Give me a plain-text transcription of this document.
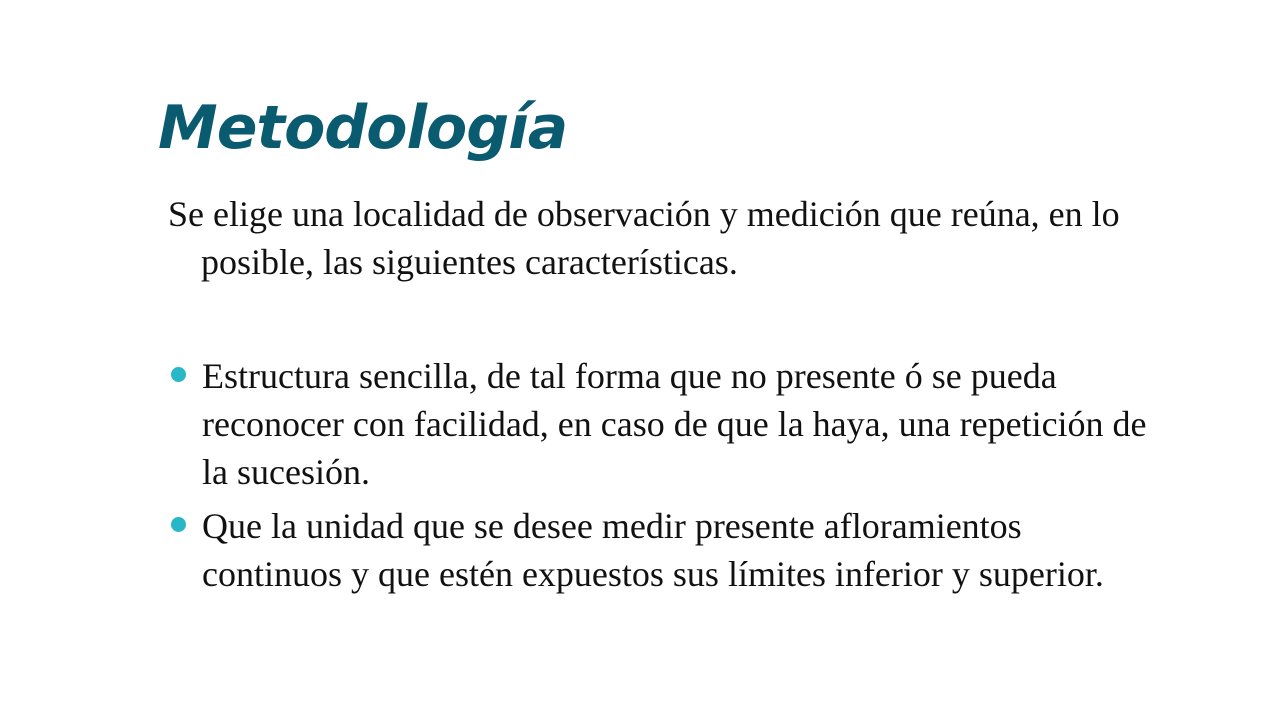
Metodología

Se elige una localidad de observación y medición que reúna, en lo posible, las siguientes características.

Estructura sencilla, de tal forma que no presente ó se pueda reconocer con facilidad, en caso de que la haya, una repetición de la sucesión.
Que la unidad que se desee medir presente afloramientos continuos y que estén expuestos sus límites inferior y superior.
